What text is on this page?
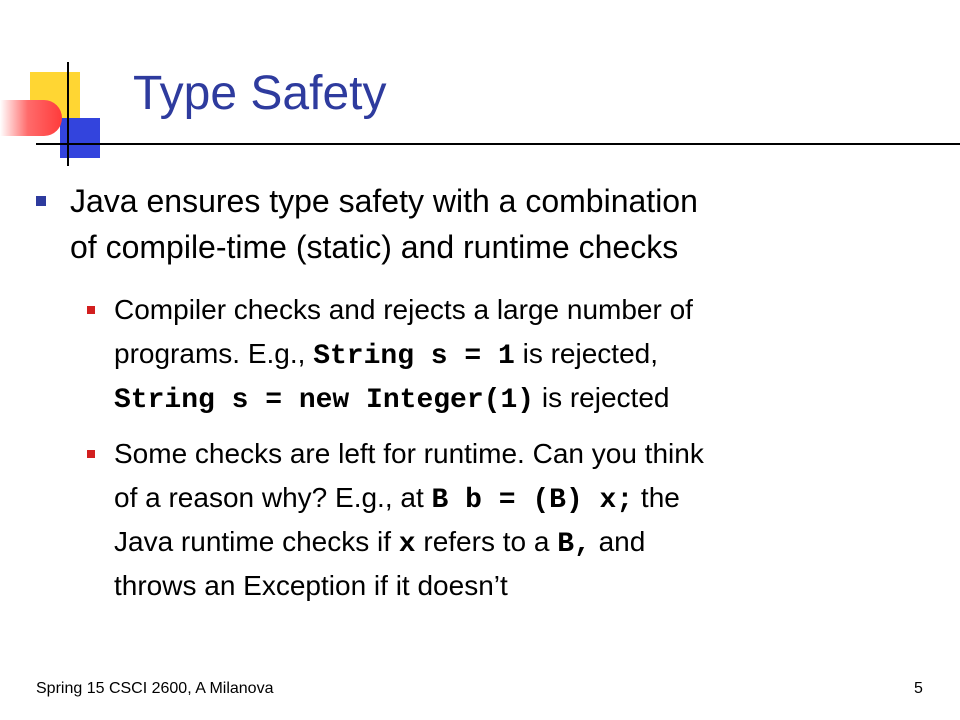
Type Safety
Java ensures type safety with a combination
of compile-time (static) and runtime checks
Compiler checks and rejects a large number of
programs. E.g., String s = 1 is rejected,
String s = new Integer(1) is rejected
Some checks are left for runtime. Can you think
of a reason why? E.g., at B b = (B) x; the
Java runtime checks if x refers to a B, and
throws an Exception if it doesn’t
Spring 15 CSCI 2600, A Milanova	5
